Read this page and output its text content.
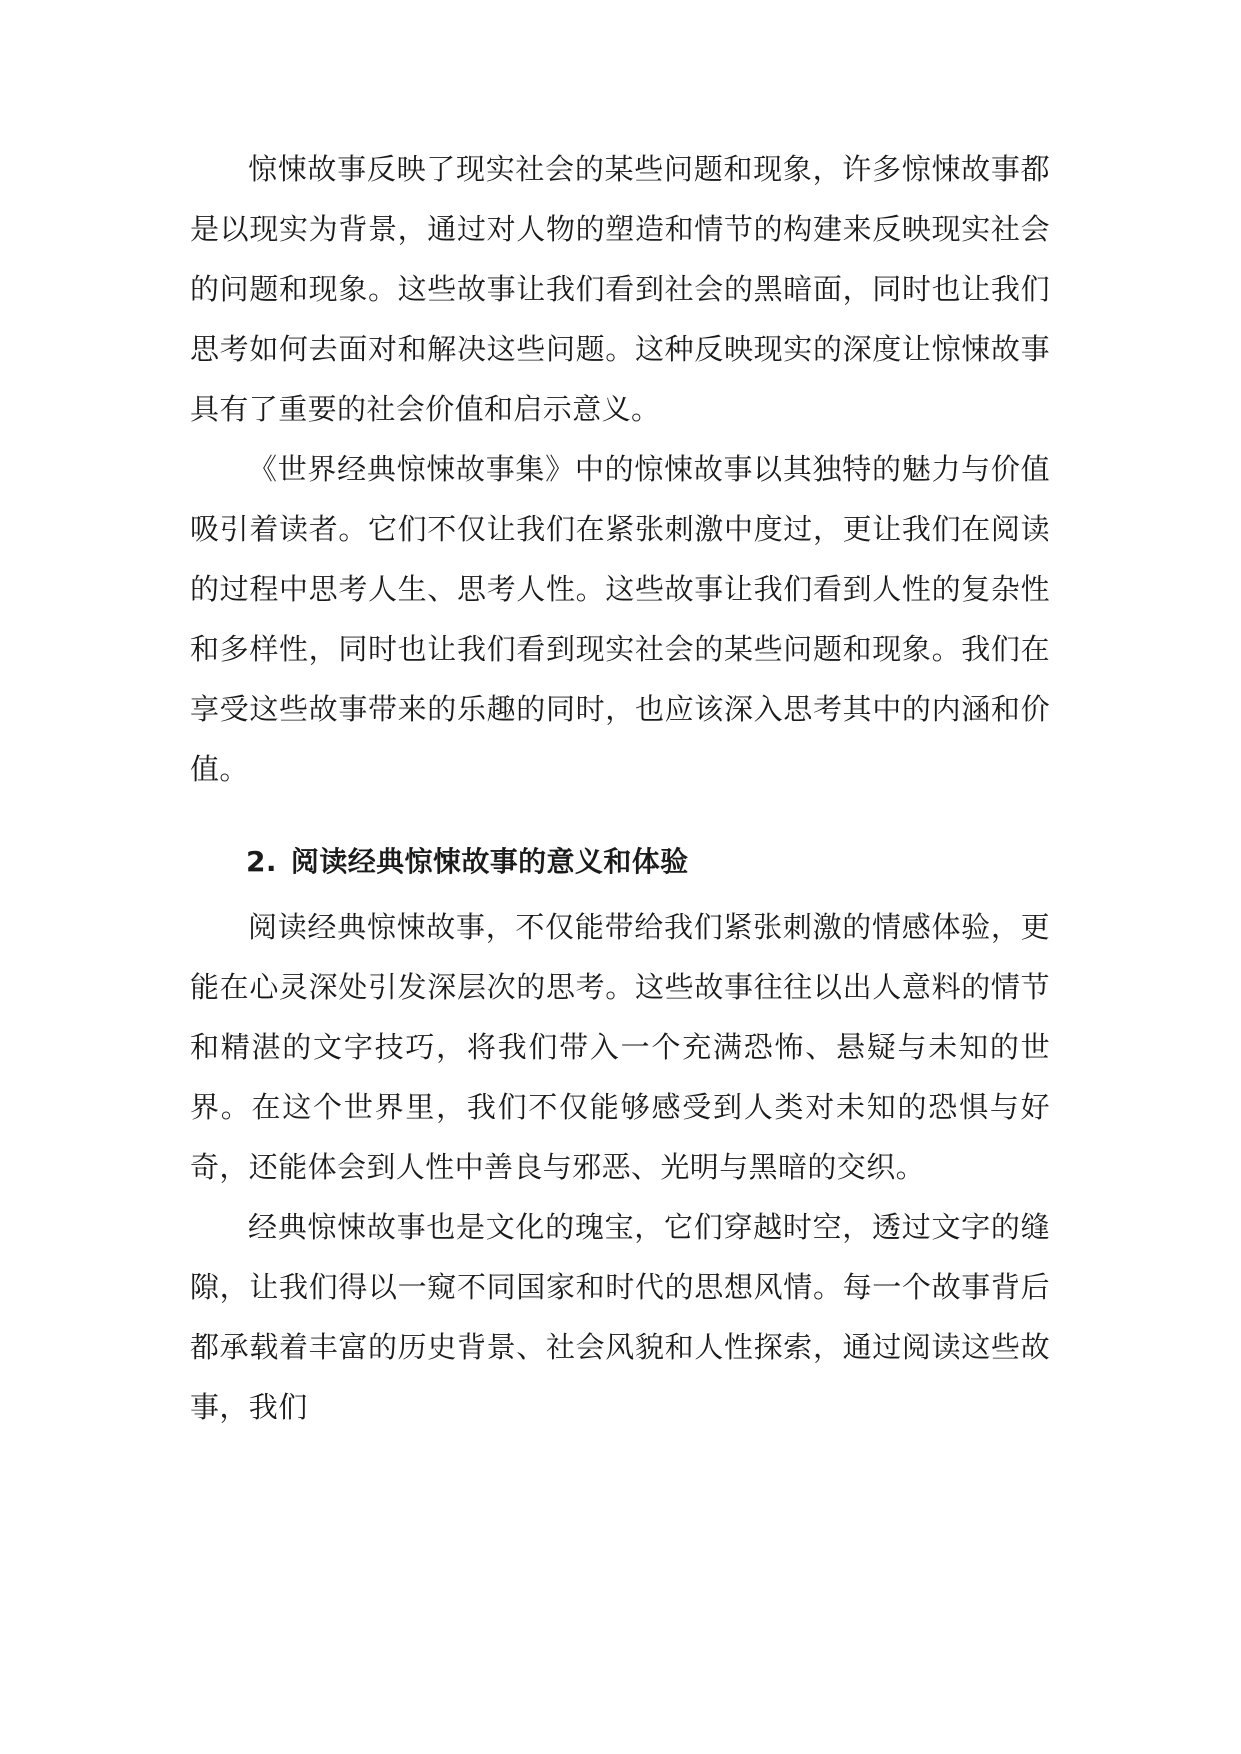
惊悚故事反映了现实社会的某些问题和现象，许多惊悚故事都是以现实为背景，通过对人物的塑造和情节的构建来反映现实社会的问题和现象。这些故事让我们看到社会的黑暗面，同时也让我们思考如何去面对和解决这些问题。这种反映现实的深度让惊悚故事具有了重要的社会价值和启示意义。

《世界经典惊悚故事集》中的惊悚故事以其独特的魅力与价值吸引着读者。它们不仅让我们在紧张刺激中度过，更让我们在阅读的过程中思考人生、思考人性。这些故事让我们看到人性的复杂性和多样性，同时也让我们看到现实社会的某些问题和现象。我们在享受这些故事带来的乐趣的同时，也应该深入思考其中的内涵和价值。

2. 阅读经典惊悚故事的意义和体验

阅读经典惊悚故事，不仅能带给我们紧张刺激的情感体验，更能在心灵深处引发深层次的思考。这些故事往往以出人意料的情节和精湛的文字技巧，将我们带入一个充满恐怖、悬疑与未知的世界。在这个世界里，我们不仅能够感受到人类对未知的恐惧与好奇，还能体会到人性中善良与邪恶、光明与黑暗的交织。

经典惊悚故事也是文化的瑰宝，它们穿越时空，透过文字的缝隙，让我们得以一窥不同国家和时代的思想风情。每一个故事背后都承载着丰富的历史背景、社会风貌和人性探索，通过阅读这些故事，我们
